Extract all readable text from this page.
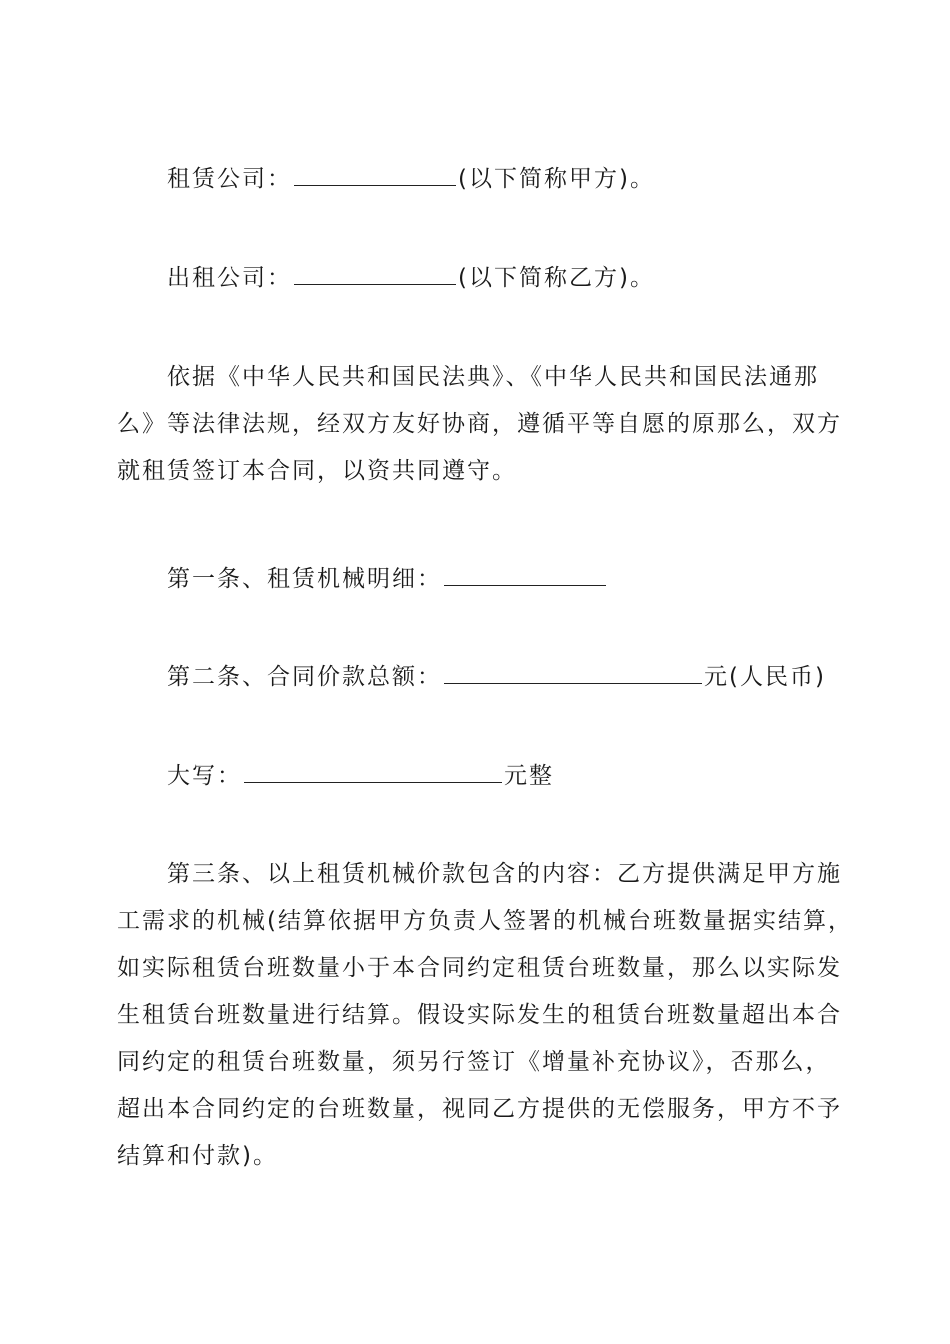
租赁公司：	(以下简称甲方)。
出租公司：	(以下简称乙方)。
依据《中华人民共和国民法典》、《中华人民共和国民法通那
么》等法律法规，经双方友好协商，遵循平等自愿的原那么，双方
就租赁签订本合同，以资共同遵守。
第一条、租赁机械明细：
第二条、合同价款总额：	元(人民币)
大写：	元整
第三条、以上租赁机械价款包含的内容：乙方提供满足甲方施
工需求的机械(结算依据甲方负责人签署的机械台班数量据实结算，
如实际租赁台班数量小于本合同约定租赁台班数量，那么以实际发
生租赁台班数量进行结算。假设实际发生的租赁台班数量超出本合
同约定的租赁台班数量，须另行签订《增量补充协议》，否那么，
超出本合同约定的台班数量，视同乙方提供的无偿服务，甲方不予
结算和付款)。
